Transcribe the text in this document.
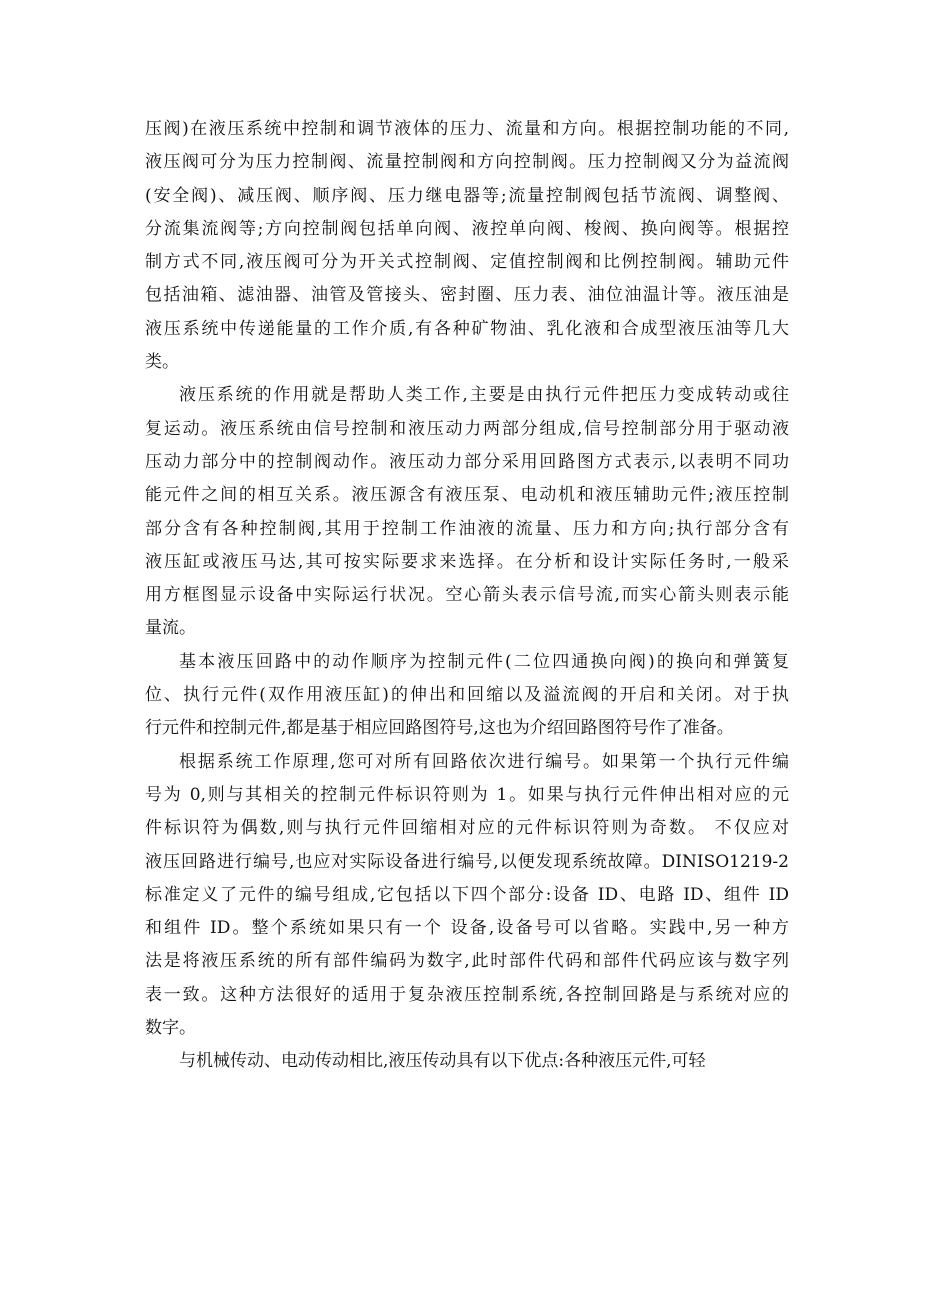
压阀)在液压系统中控制和调节液体的压力、流量和方向。根据控制功能的不同,
液压阀可分为压力控制阀、流量控制阀和方向控制阀。压力控制阀又分为益流阀
(安全阀)、减压阀、顺序阀、压力继电器等;流量控制阀包括节流阀、调整阀、
分流集流阀等;方向控制阀包括单向阀、液控单向阀、梭阀、换向阀等。根据控
制方式不同,液压阀可分为开关式控制阀、定值控制阀和比例控制阀。辅助元件
包括油箱、滤油器、油管及管接头、密封圈、压力表、油位油温计等。液压油是
液压系统中传递能量的工作介质,有各种矿物油、乳化液和合成型液压油等几大
类。
液压系统的作用就是帮助人类工作,主要是由执行元件把压力变成转动或往
复运动。液压系统由信号控制和液压动力两部分组成,信号控制部分用于驱动液
压动力部分中的控制阀动作。液压动力部分采用回路图方式表示,以表明不同功
能元件之间的相互关系。液压源含有液压泵、电动机和液压辅助元件;液压控制
部分含有各种控制阀,其用于控制工作油液的流量、压力和方向;执行部分含有
液压缸或液压马达,其可按实际要求来选择。在分析和设计实际任务时,一般采
用方框图显示设备中实际运行状况。空心箭头表示信号流,而实心箭头则表示能
量流。
基本液压回路中的动作顺序为控制元件(二位四通换向阀)的换向和弹簧复
位、执行元件(双作用液压缸)的伸出和回缩以及溢流阀的开启和关闭。对于执
行元件和控制元件,都是基于相应回路图符号,这也为介绍回路图符号作了准备。
根据系统工作原理,您可对所有回路依次进行编号。如果第一个执行元件编
号为 0,则与其相关的控制元件标识符则为 1。如果与执行元件伸出相对应的元
件标识符为偶数,则与执行元件回缩相对应的元件标识符则为奇数。 不仅应对
液压回路进行编号,也应对实际设备进行编号,以便发现系统故障。DINISO1219-2
标准定义了元件的编号组成,它包括以下四个部分:设备 ID、电路 ID、组件 ID
和组件 ID。整个系统如果只有一个 设备,设备号可以省略。实践中,另一种方
法是将液压系统的所有部件编码为数字,此时部件代码和部件代码应该与数字列
表一致。这种方法很好的适用于复杂液压控制系统,各控制回路是与系统对应的
数字。
与机械传动、电动传动相比,液压传动具有以下优点:各种液压元件,可轻
